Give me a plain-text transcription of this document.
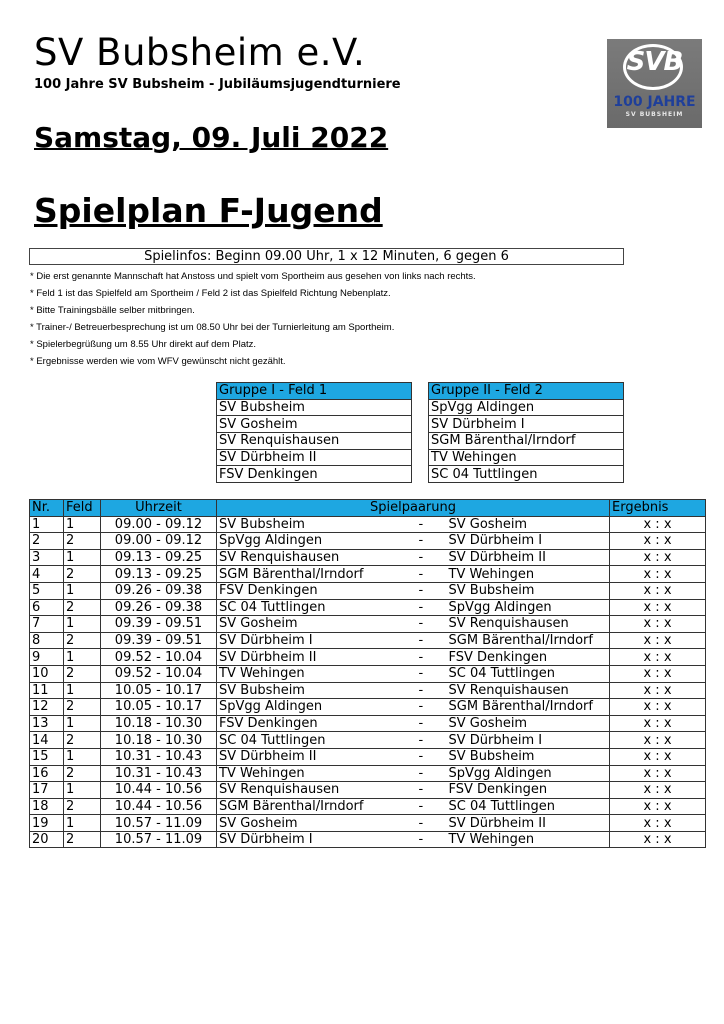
SV Bubsheim e.V.
100 Jahre SV Bubsheim - Jubiläumsjugendturniere
SVB
100 JAHRE
SV BUBSHEIM
Samstag, 09. Juli 2022
Spielplan F-Jugend
Spielinfos: Beginn 09.00 Uhr, 1 x 12 Minuten, 6 gegen 6
* Die erst genannte Mannschaft hat Anstoss und spielt vom Sportheim aus gesehen von links nach rechts.
* Feld 1 ist das Spielfeld am Sportheim / Feld 2 ist das Spielfeld Richtung Nebenplatz.
* Bitte Trainingsbälle selber mitbringen.
* Trainer-/ Betreuerbesprechung ist um 08.50 Uhr bei der Turnierleitung am Sportheim.
* Spielerbegrüßung um 8.55 Uhr direkt auf dem Platz.
* Ergebnisse werden wie vom WFV gewünscht nicht gezählt.
Gruppe I - Feld 1
SV Bubsheim
SV Gosheim
SV Renquishausen
SV Dürbheim II
FSV Denkingen
Gruppe II - Feld 2
SpVgg Aldingen
SV Dürbheim I
SGM Bärenthal/Irndorf
TV Wehingen
SC 04 Tuttlingen
Nr.	Feld	Uhrzeit	Spielpaarung		Ergebnis
1	1	09.00 - 09.12	SV Bubsheim	- SV Gosheim	x : x
2	2	09.00 - 09.12	SpVgg Aldingen	- SV Dürbheim I	x : x
3	1	09.13 - 09.25	SV Renquishausen	- SV Dürbheim II	x : x
4	2	09.13 - 09.25	SGM Bärenthal/Irndorf	- TV Wehingen	x : x
5	1	09.26 - 09.38	FSV Denkingen	- SV Bubsheim	x : x
6	2	09.26 - 09.38	SC 04 Tuttlingen	- SpVgg Aldingen	x : x
7	1	09.39 - 09.51	SV Gosheim	- SV Renquishausen	x : x
8	2	09.39 - 09.51	SV Dürbheim I	- SGM Bärenthal/Irndorf	x : x
9	1	09.52 - 10.04	SV Dürbheim II	- FSV Denkingen	x : x
10	2	09.52 - 10.04	TV Wehingen	- SC 04 Tuttlingen	x : x
11	1	10.05 - 10.17	SV Bubsheim	- SV Renquishausen	x : x
12	2	10.05 - 10.17	SpVgg Aldingen	- SGM Bärenthal/Irndorf	x : x
13	1	10.18 - 10.30	FSV Denkingen	- SV Gosheim	x : x
14	2	10.18 - 10.30	SC 04 Tuttlingen	- SV Dürbheim I	x : x
15	1	10.31 - 10.43	SV Dürbheim II	- SV Bubsheim	x : x
16	2	10.31 - 10.43	TV Wehingen	- SpVgg Aldingen	x : x
17	1	10.44 - 10.56	SV Renquishausen	- FSV Denkingen	x : x
18	2	10.44 - 10.56	SGM Bärenthal/Irndorf	- SC 04 Tuttlingen	x : x
19	1	10.57 - 11.09	SV Gosheim	- SV Dürbheim II	x : x
20	2	10.57 - 11.09	SV Dürbheim I	- TV Wehingen	x : x
